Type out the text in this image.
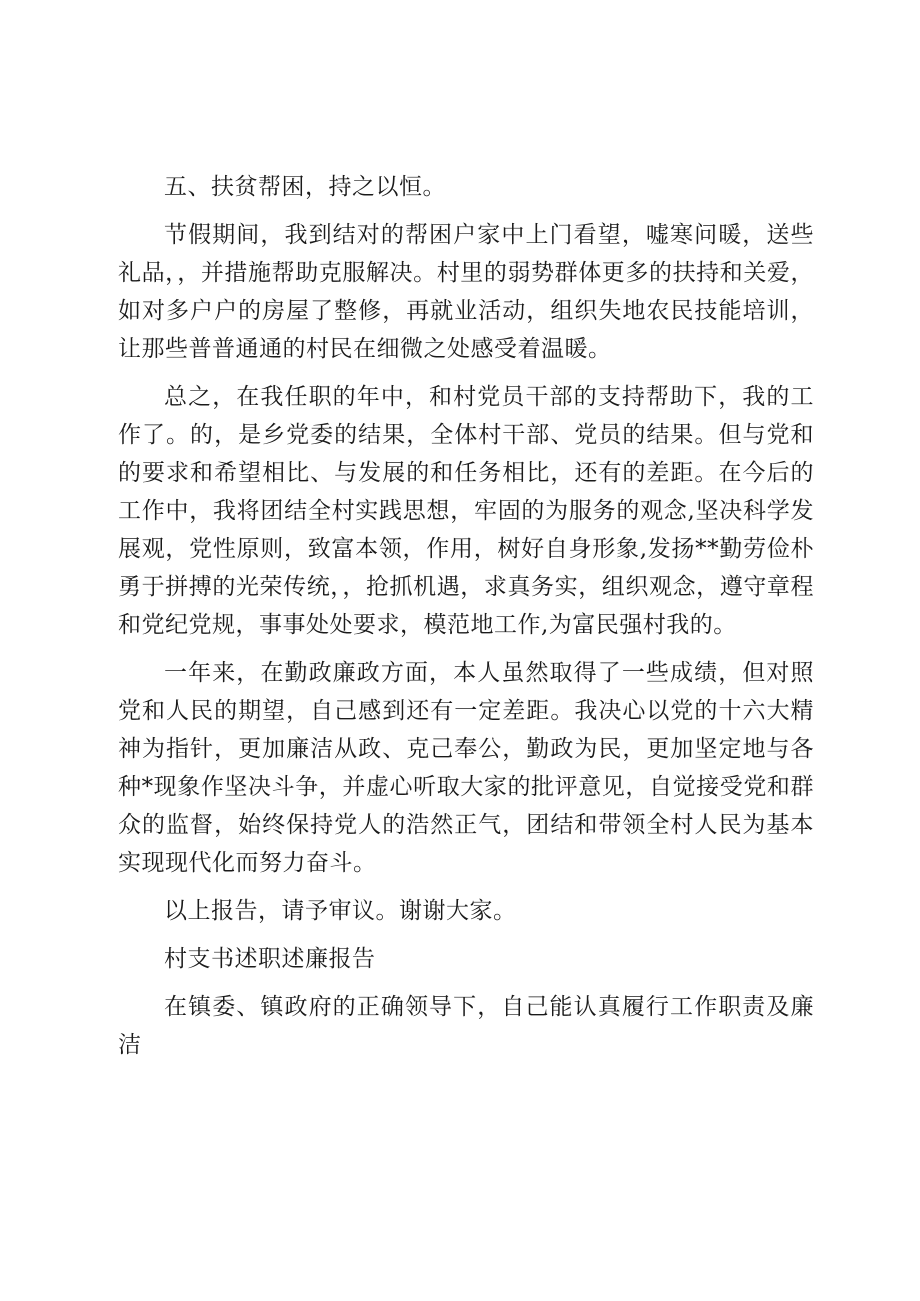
五、扶贫帮困，持之以恒。

节假期间，我到结对的帮困户家中上门看望，嘘寒问暖，送些礼品，，并措施帮助克服解决。村里的弱势群体更多的扶持和关爱，如对多户户的房屋了整修，再就业活动，组织失地农民技能培训，让那些普普通通的村民在细微之处感受着温暖。

总之，在我任职的年中，和村党员干部的支持帮助下，我的工作了。的，是乡党委的结果，全体村干部、党员的结果。但与党和的要求和希望相比、与发展的和任务相比，还有的差距。在今后的工作中，我将团结全村实践思想，牢固的为服务的观念,坚决科学发展观，党性原则，致富本领，作用，树好自身形象,发扬**勤劳俭朴勇于拼搏的光荣传统，，抢抓机遇，求真务实，组织观念，遵守章程和党纪党规，事事处处要求，模范地工作,为富民强村我的。

一年来，在勤政廉政方面，本人虽然取得了一些成绩，但对照党和人民的期望，自己感到还有一定差距。我决心以党的十六大精神为指针，更加廉洁从政、克己奉公，勤政为民，更加坚定地与各种*现象作坚决斗争，并虚心听取大家的批评意见，自觉接受党和群众的监督，始终保持党人的浩然正气，团结和带领全村人民为基本实现现代化而努力奋斗。

以上报告，请予审议。谢谢大家。

村支书述职述廉报告

在镇委、镇政府的正确领导下，自己能认真履行工作职责及廉洁
